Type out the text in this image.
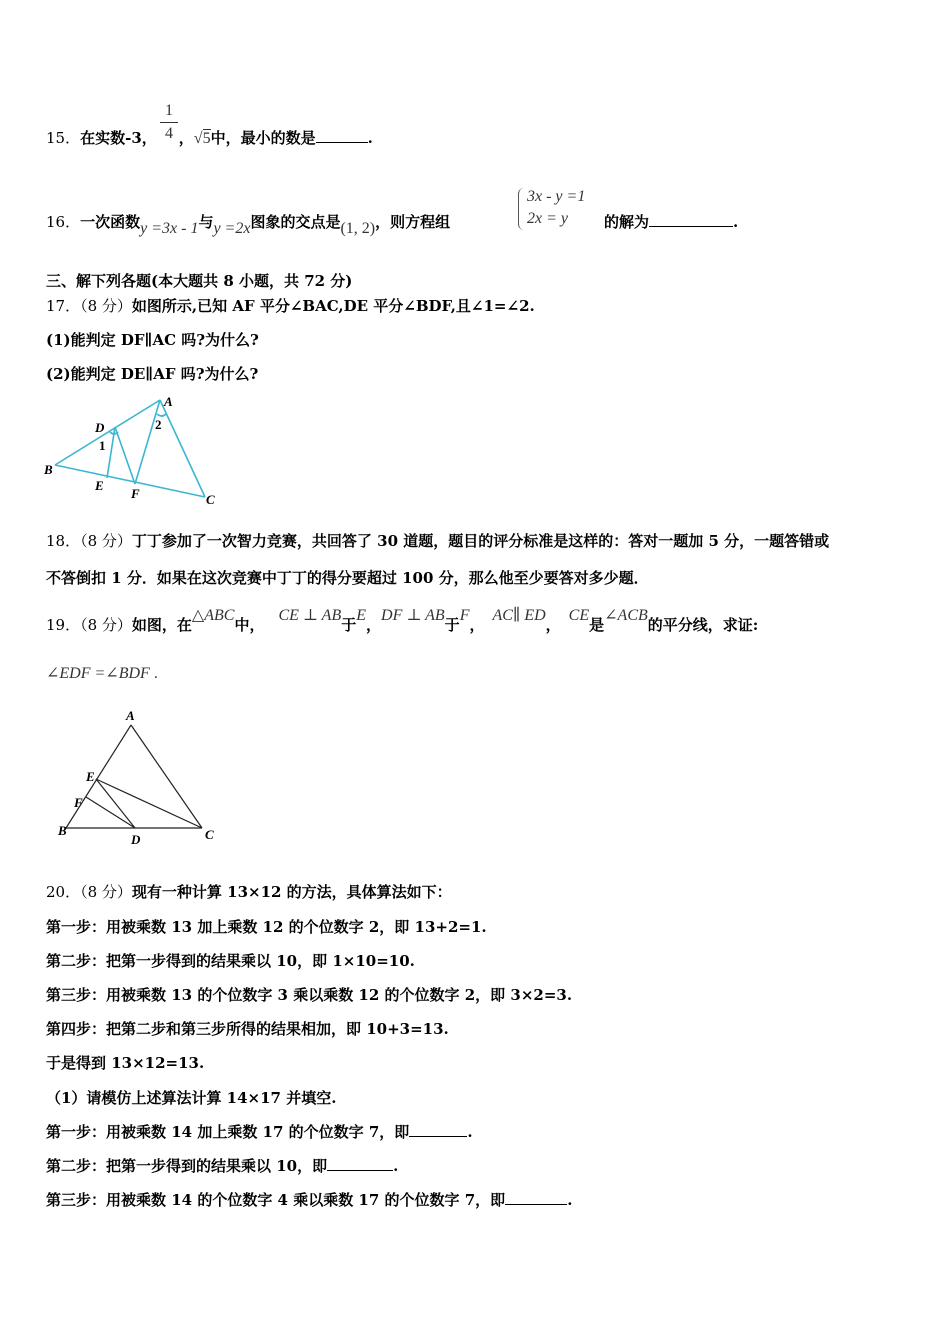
1
4
15．在实数-3， ，√5中，最小的数是	.
3x - y =1
2x = y
16．一次函数y =3x - 1与y =2x图象的交点是(1, 2)，则方程组	的解为	.
三、解下列各题(本大题共 8 小题，共 72 分)
17．（8 分）如图所示,已知 AF 平分∠BAC,DE 平分∠BDF,且∠1=∠2.
(1)能判定 DF∥AC 吗?为什么?
(2)能判定 DE∥AF 吗?为什么?
A
B
C
D
E
F
1
2
18．（8 分）丁丁参加了一次智力竞赛，共回答了 30 道题，题目的评分标准是这样的：答对一题加 5 分，一题答错或
不答倒扣 1 分．如果在这次竞赛中丁丁的得分要超过 100 分，那么他至少要答对多少题．
19．（8 分）如图，在△ABC中，CE ⊥ AB于E，DF ⊥ AB于F，AC∥ ED，CE是∠ACB的平分线，求证:
∠EDF =∠BDF .
A
B	C
D
E
F
20．（8 分）现有一种计算 13×12 的方法，具体算法如下：
第一步：用被乘数 13 加上乘数 12 的个位数字 2，即 13+2=1.
第二步：把第一步得到的结果乘以 10，即 1×10=10.
第三步：用被乘数 13 的个位数字 3 乘以乘数 12 的个位数字 2，即 3×2=3.
第四步：把第二步和第三步所得的结果相加，即 10+3=13.
于是得到 13×12=13.
（1）请模仿上述算法计算 14×17 并填空.
第一步：用被乘数 14 加上乘数 17 的个位数字 7，即	.
第二步：把第一步得到的结果乘以 10，即	.
第三步：用被乘数 14 的个位数字 4 乘以乘数 17 的个位数字 7，即	.
